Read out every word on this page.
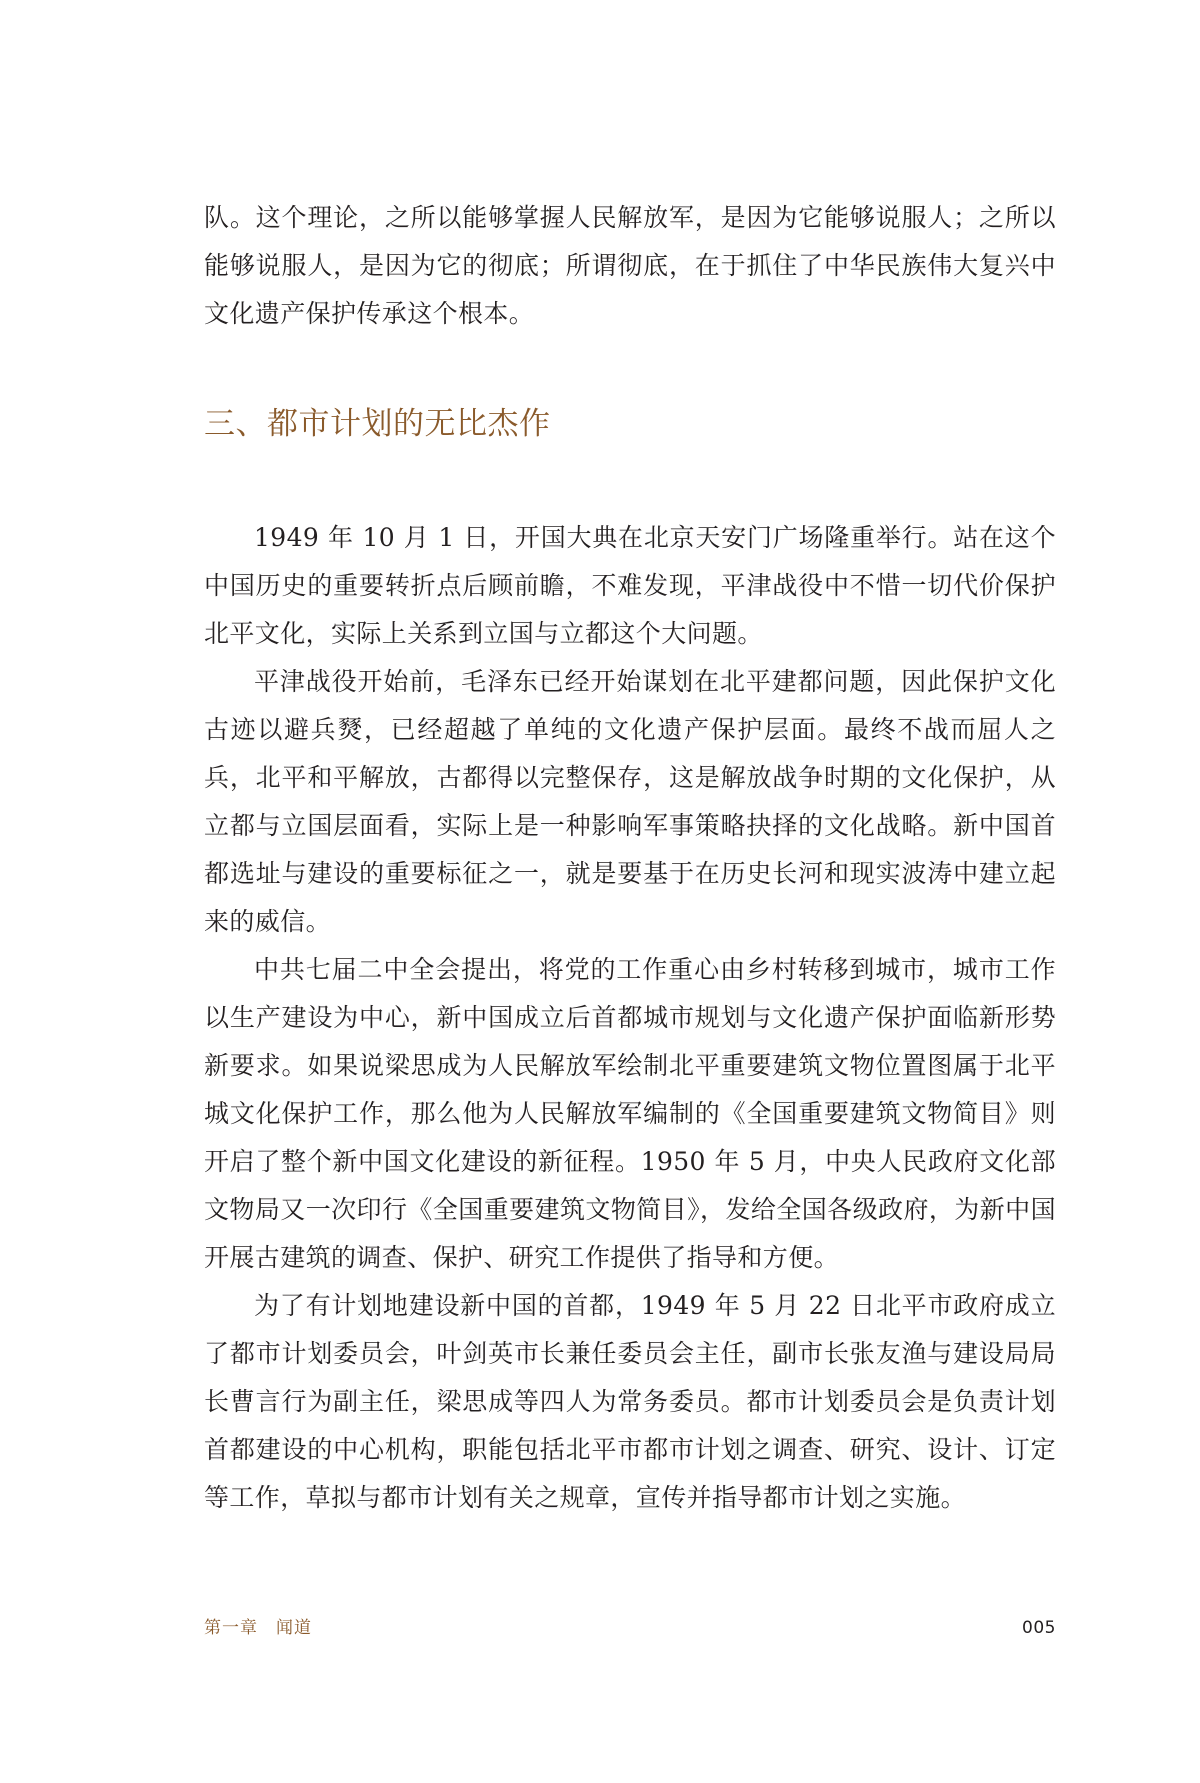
队。这个理论，之所以能够掌握人民解放军，是因为它能够说服人；之所以能够说服人，是因为它的彻底；所谓彻底，在于抓住了中华民族伟大复兴中文化遗产保护传承这个根本。

三、都市计划的无比杰作

1949 年 10 月 1 日，开国大典在北京天安门广场隆重举行。站在这个中国历史的重要转折点后顾前瞻，不难发现，平津战役中不惜一切代价保护北平文化，实际上关系到立国与立都这个大问题。

平津战役开始前，毛泽东已经开始谋划在北平建都问题，因此保护文化古迹以避兵燹，已经超越了单纯的文化遗产保护层面。最终不战而屈人之兵，北平和平解放，古都得以完整保存，这是解放战争时期的文化保护，从立都与立国层面看，实际上是一种影响军事策略抉择的文化战略。新中国首都选址与建设的重要标征之一，就是要基于在历史长河和现实波涛中建立起来的威信。

中共七届二中全会提出，将党的工作重心由乡村转移到城市，城市工作以生产建设为中心，新中国成立后首都城市规划与文化遗产保护面临新形势新要求。如果说梁思成为人民解放军绘制北平重要建筑文物位置图属于北平城文化保护工作，那么他为人民解放军编制的《全国重要建筑文物简目》则开启了整个新中国文化建设的新征程。1950 年 5 月，中央人民政府文化部文物局又一次印行《全国重要建筑文物简目》，发给全国各级政府，为新中国开展古建筑的调查、保护、研究工作提供了指导和方便。

为了有计划地建设新中国的首都，1949 年 5 月 22 日北平市政府成立了都市计划委员会，叶剑英市长兼任委员会主任，副市长张友渔与建设局局长曹言行为副主任，梁思成等四人为常务委员。都市计划委员会是负责计划首都建设的中心机构，职能包括北平市都市计划之调查、研究、设计、订定等工作，草拟与都市计划有关之规章，宣传并指导都市计划之实施。

第一章　闻道	005
